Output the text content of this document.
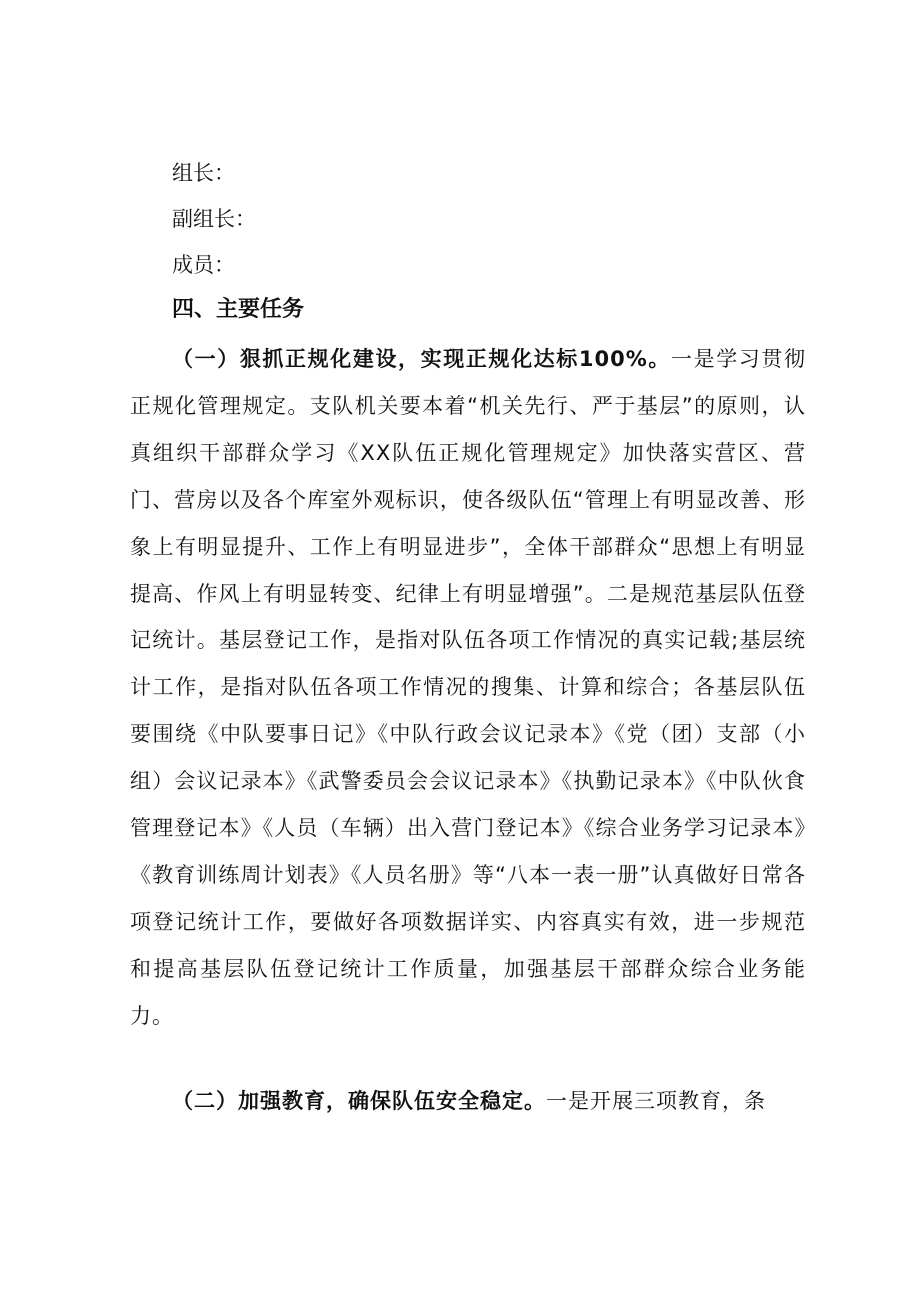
组长：
副组长：
成员：
四、主要任务

（一）狠抓正规化建设，实现正规化达标100%。一是学习贯彻正规化管理规定。支队机关要本着“机关先行、严于基层”的原则，认真组织干部群众学习《XX队伍正规化管理规定》加快落实营区、营门、营房以及各个库室外观标识，使各级队伍“管理上有明显改善、形象上有明显提升、工作上有明显进步”，全体干部群众“思想上有明显提高、作风上有明显转变、纪律上有明显增强”。二是规范基层队伍登记统计。基层登记工作，是指对队伍各项工作情况的真实记载;基层统计工作，是指对队伍各项工作情况的搜集、计算和综合；各基层队伍要围绕《中队要事日记》《中队行政会议记录本》《党（团）支部（小组）会议记录本》《武警委员会会议记录本》《执勤记录本》《中队伙食管理登记本》《人员（车辆）出入营门登记本》《综合业务学习记录本》《教育训练周计划表》《人员名册》等“八本一表一册”认真做好日常各项登记统计工作，要做好各项数据详实、内容真实有效，进一步规范和提高基层队伍登记统计工作质量，加强基层干部群众综合业务能力。

（二）加强教育，确保队伍安全稳定。一是开展三项教育，条
